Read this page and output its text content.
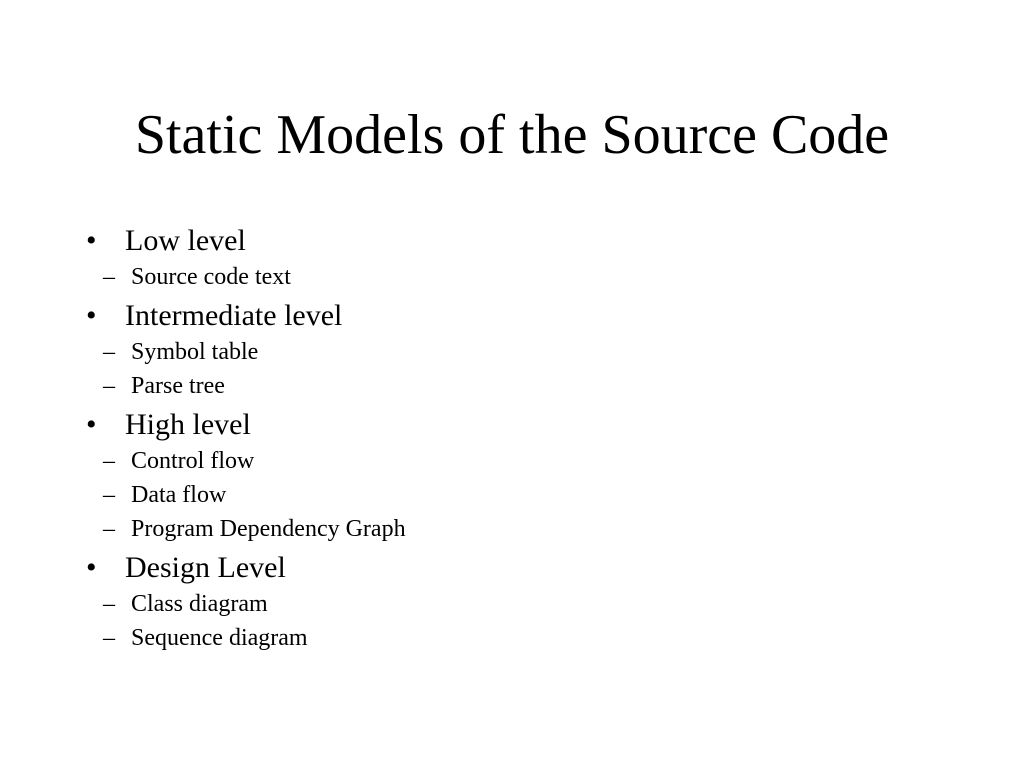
Static Models of the Source Code
• Low level
– Source code text
• Intermediate level
– Symbol table
– Parse tree
• High level
– Control flow
– Data flow
– Program Dependency Graph
• Design Level
– Class diagram
– Sequence diagram
